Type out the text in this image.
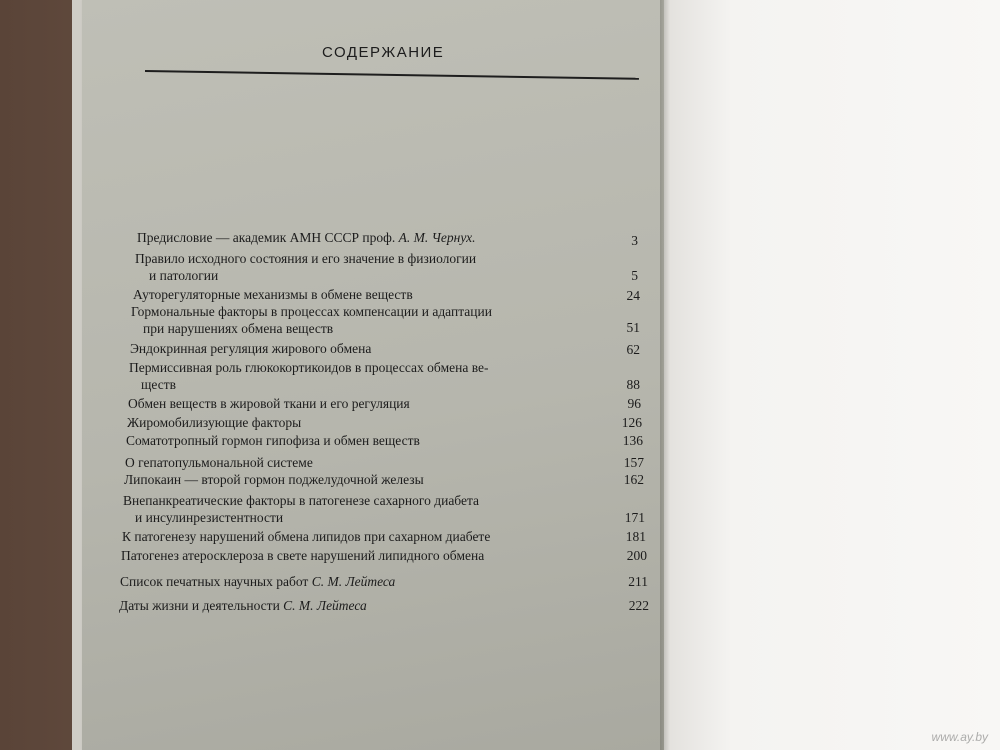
СОДЕРЖАНИЕ
Предисловие — академик АМН СССР проф. А. М. Чернух.	3
Правило исходного состояния и его значение в физиологии
и патологии	5
Ауторегуляторные механизмы в обмене веществ	24
Гормональные факторы в процессах компенсации и адаптации
при нарушениях обмена веществ	51
Эндокринная регуляция жирового обмена	62
Пермиссивная роль глюкокортикоидов в процессах обмена ве-
ществ	88
Обмен веществ в жировой ткани и его регуляция	96
Жиромобилизующие факторы	126
Соматотропный гормон гипофиза и обмен веществ	136
О гепатопульмональной системе	157
Липокаин — второй гормон поджелудочной железы	162
Внепанкреатические факторы в патогенезе сахарного диабета
и инсулинрезистентности	171
К патогенезу нарушений обмена липидов при сахарном диабете	181
Патогенез атеросклероза в свете нарушений липидного обмена	200
Список печатных научных работ С. М. Лейтеса	211
Даты жизни и деятельности С. М. Лейтеса	222
www.ay.by
